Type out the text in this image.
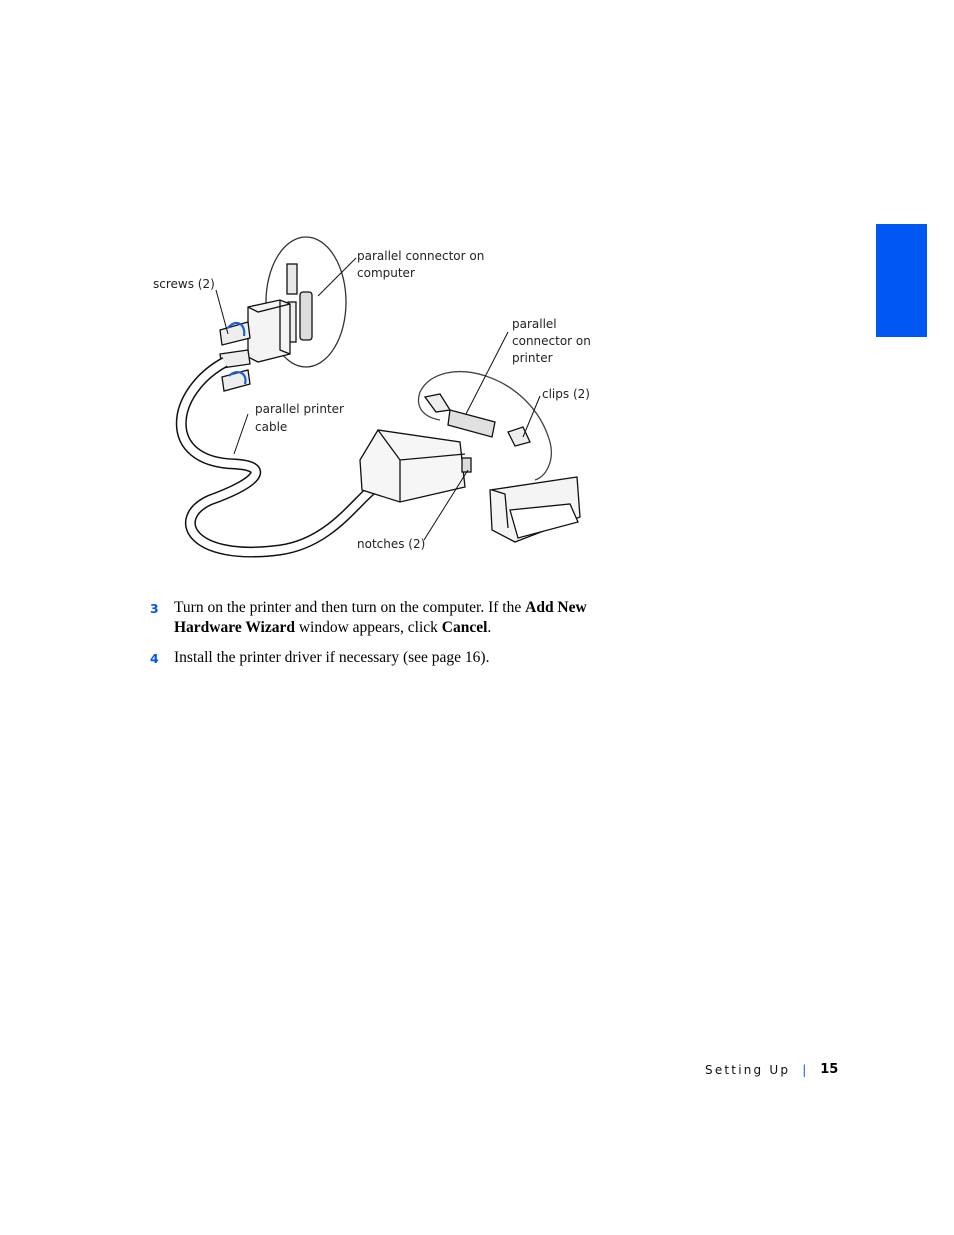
screws (2)
parallel connector on
computer
parallel
connector on
printer
clips (2)
parallel printer
cable
notches (2)
3 Turn on the printer and then turn on the computer. If the Add New Hardware Wizard window appears, click Cancel.
4 Install the printer driver if necessary (see page 16).
Setting Up | 15
